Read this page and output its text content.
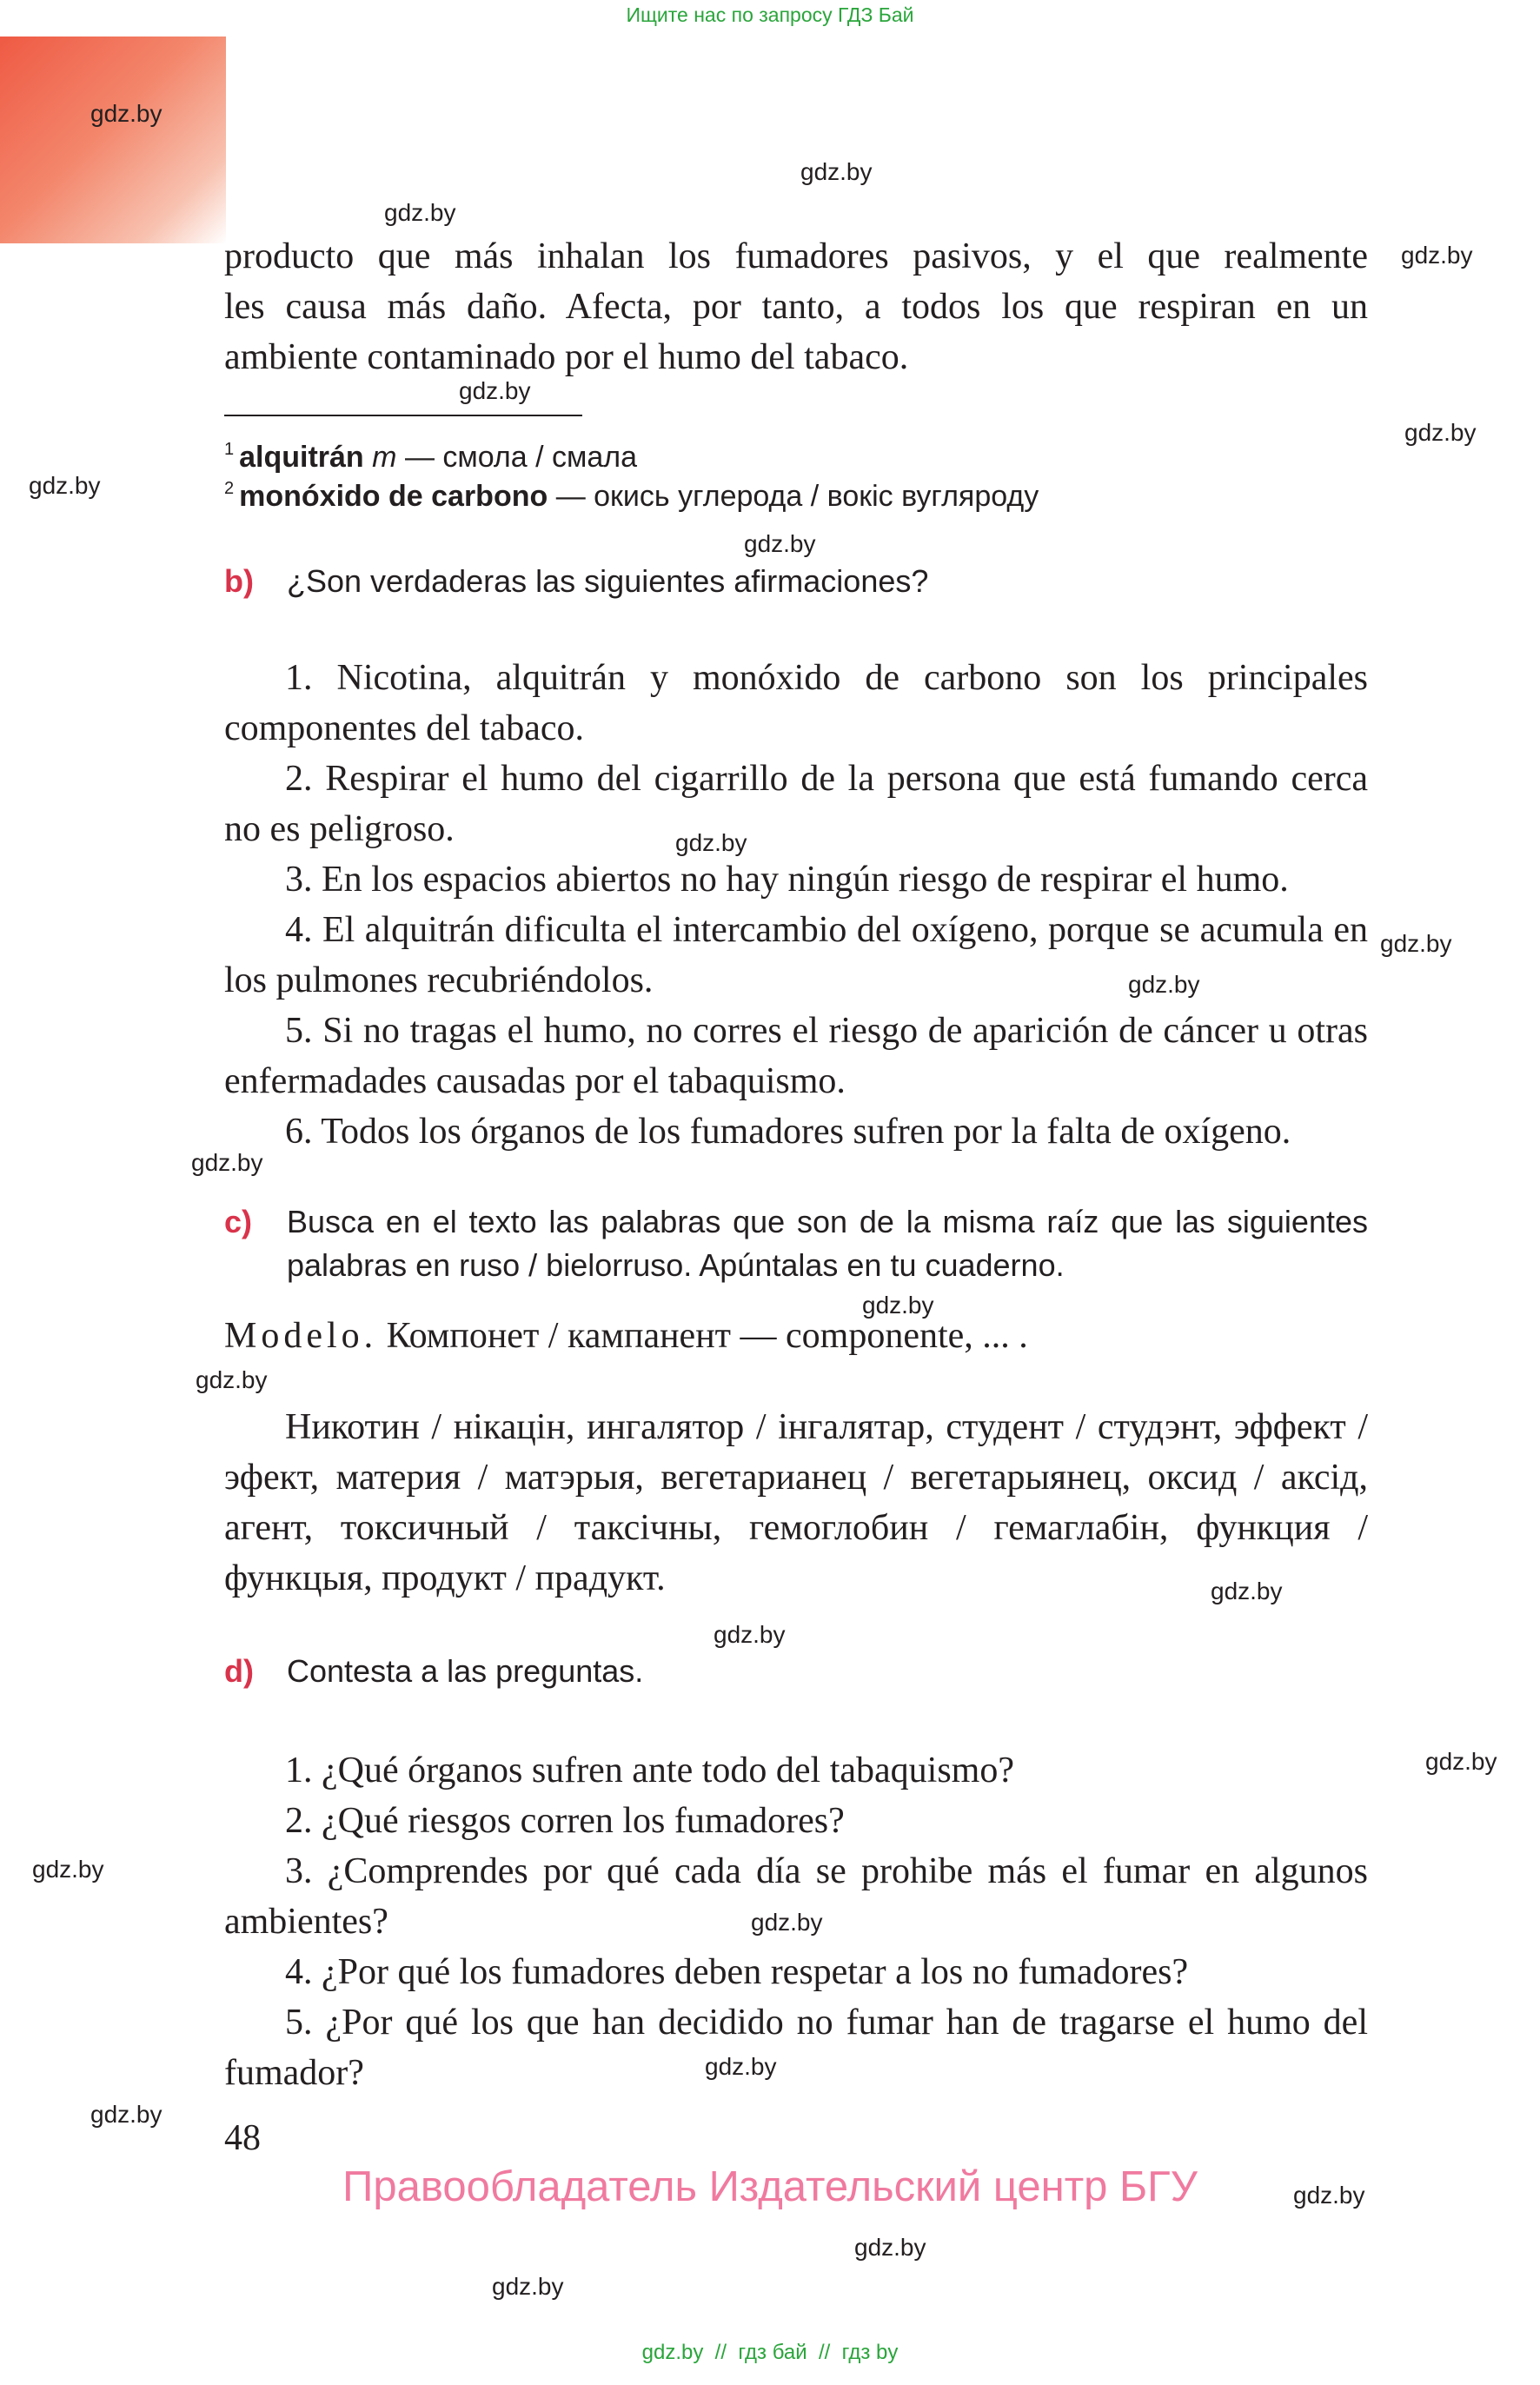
Ищите нас по запросу ГДЗ Бай
gdz.by
gdz.by
gdz.by
gdz.by
gdz.by
gdz.by
gdz.by
gdz.by
gdz.by
gdz.by
gdz.by
gdz.by
gdz.by
gdz.by
gdz.by
gdz.by
gdz.by
gdz.by
gdz.by
gdz.by
gdz.by
gdz.by
gdz.by
gdz.by
producto que más inhalan los fumadores pasivos, y el que realmente
les causa más daño. Afecta, por tanto, a todos los que respiran en un
ambiente contaminado por el humo del tabaco.
$^1$ alquitrán m — смола / смала
$^2$ monóxido de carbono — окись углерода / вокіс вугляроду
b) ¿Son verdaderas las siguientes afirmaciones?

1. Nicotina, alquitrán y monóxido de carbono son los principales componentes del tabaco.

2. Respirar el humo del cigarrillo de la persona que está fumando cerca no es peligroso.

3. En los espacios abiertos no hay ningún riesgo de respirar el humo.

4. El alquitrán dificulta el intercambio del oxígeno, porque se acumula en los pulmones recubriéndolos.

5. Si no tragas el humo, no corres el riesgo de aparición de cáncer u otras enfermadades causadas por el tabaquismo.

6. Todos los órganos de los fumadores sufren por la falta de oxígeno.

c) Busca en el texto las palabras que son de la misma raíz que las siguientes palabras en ruso / bielorruso. Apúntalas en tu cuaderno.
Modelo. Компонет / кампанент — componente, ... .

Никотин / нікацін, ингалятор / інгалятар, студент / студэнт, эффект / эфект, материя / матэрыя, вегетарианец / вегетарыянец, оксид / аксід, агент, токсичный / таксічны, гемоглобин / гемаглабін, функция / функцыя, продукт / прадукт.

d) Contesta a las preguntas.

1. ¿Qué órganos sufren ante todo del tabaquismo?

2. ¿Qué riesgos corren los fumadores?

3. ¿Comprendes por qué cada día se prohibe más el fumar en algunos ambientes?

4. ¿Por qué los fumadores deben respetar a los no fumadores?

5. ¿Por qué los que han decidido no fumar han de tragarse el humo del fumador?

48
Правообладатель Издательский центр БГУ
gdz.by  //  гдз бай  //  гдз by
